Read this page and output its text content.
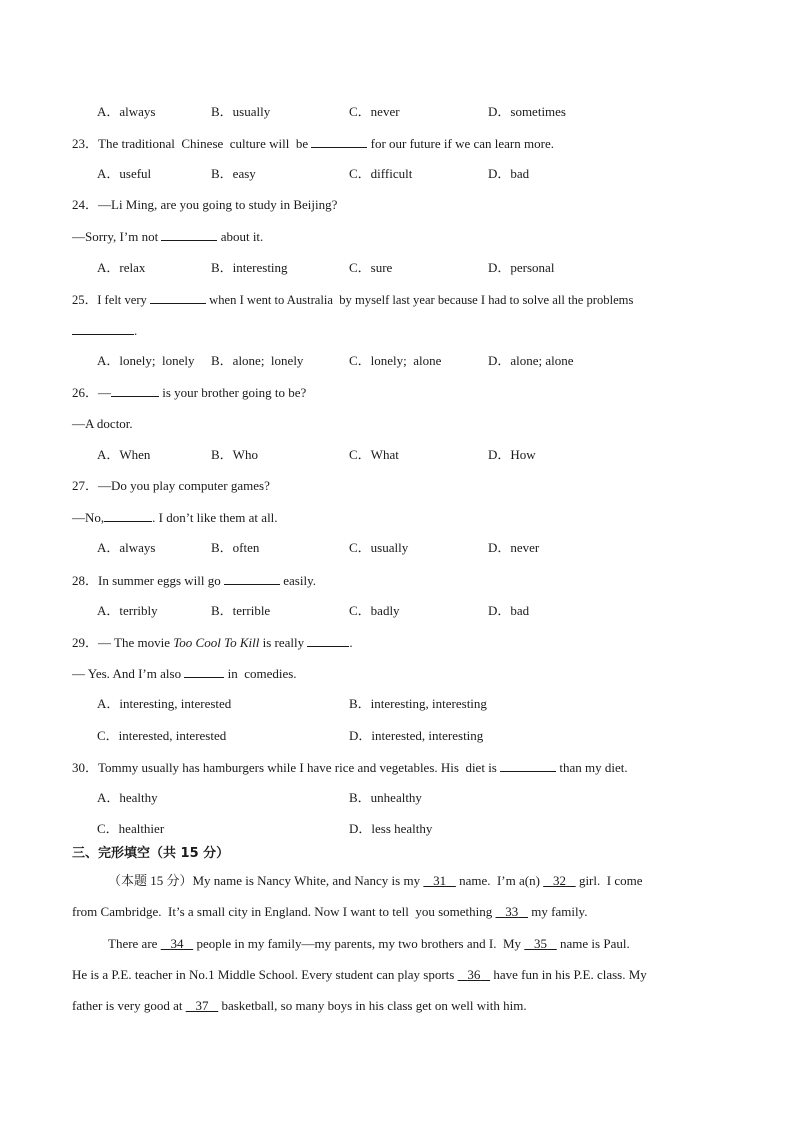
A．always	B．usually	C．never	D．sometimes
23．The traditional  Chinese  culture will  be	for our future if we can learn more.
A．useful	B．easy	C．difficult	D．bad
24．—Li Ming, are you going to study in Beijing?
—Sorry, I’m not	about it.
A．relax	B．interesting	C．sure	D．personal
25．I felt very	when I went to Australia  by myself last year because I had to solve all the problems
.
A．lonely;  lonely B．alone;  lonely	C．lonely;  alone	D．alone; alone
26．—	is your brother going to be?
—A doctor.
A．When	B．Who	C．What	D．How
27．—Do you play computer games?
—No,	. I don’t like them at all.
A．always	B．often	C．usually	D．never
28．In summer eggs will go	easily.
A．terribly	B．terrible	C．badly	D．bad
29．— The movie Too Cool To Kill is really	.
— Yes. And I’m also	in  comedies.
A．interesting, interested	B．interesting, interesting
C．interested, interested	D．interested, interesting
30．Tommy usually has hamburgers while I have rice and vegetables. His  diet is	than my diet.
A．healthy	B．unhealthy
C．healthier	D．less healthy
三、完形填空（共 15 分）
（本题 15 分）My name is Nancy White, and Nancy is my    31    name.  I’m a(n)    32    girl.  I come
from Cambridge.  It’s a small city in England. Now I want to tell  you something    33    my family.
There are    34    people in my family—my parents, my two brothers and I.  My    35    name is Paul.
He is a P.E. teacher in No.1 Middle School. Every student can play sports    36    have fun in his P.E. class. My
father is very good at    37    basketball, so many boys in his class get on well with him.
